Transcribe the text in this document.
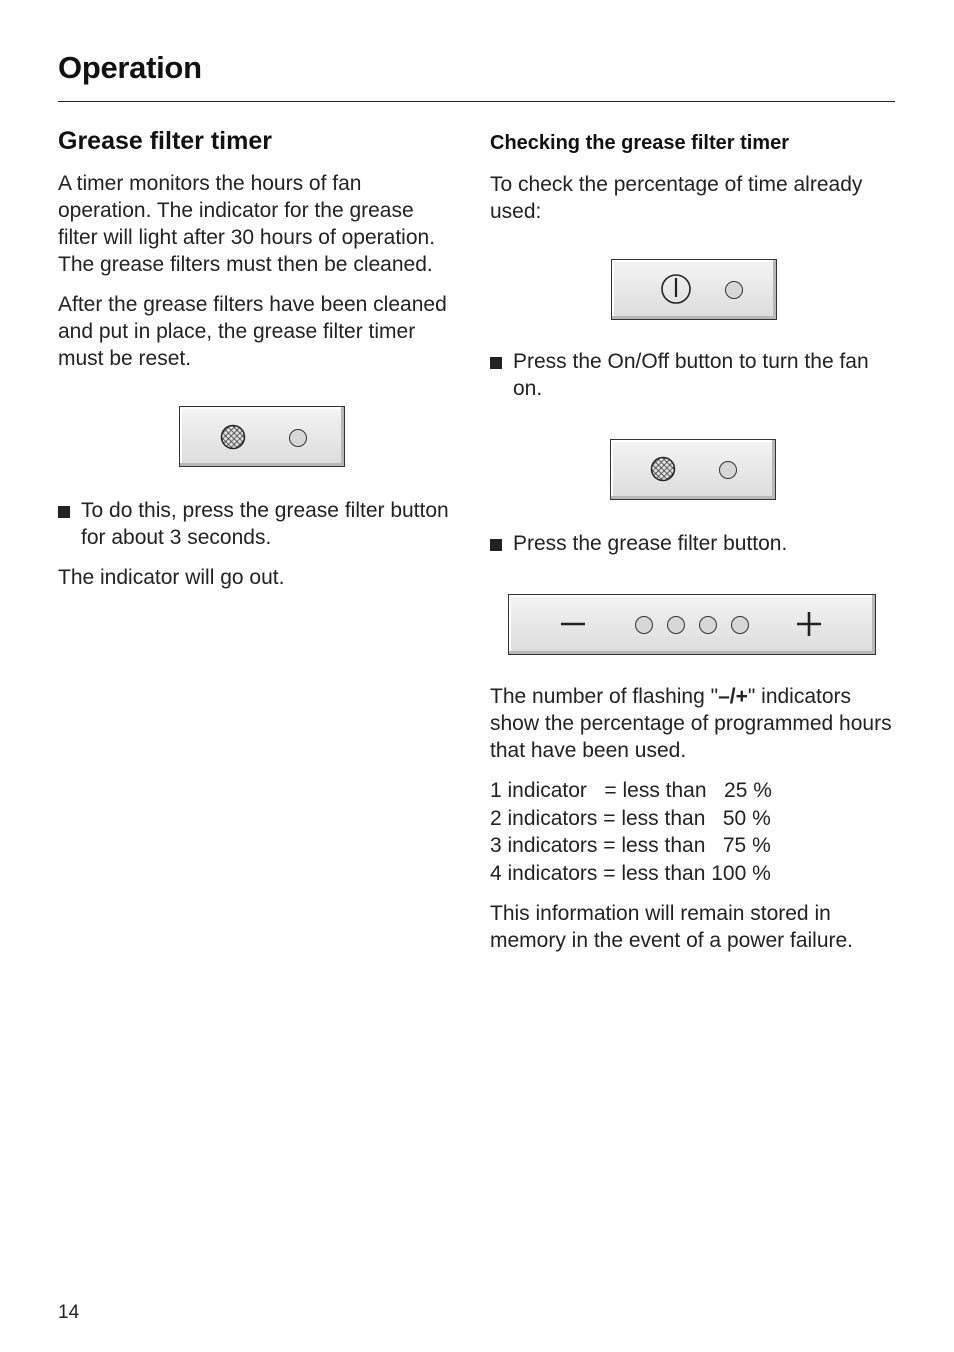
Operation
Grease filter timer

A timer monitors the hours of fan operation. The indicator for the grease filter will light after 30 hours of operation. The grease filters must then be cleaned.

After the grease filters have been cleaned and put in place, the grease filter timer must be reset.

To do this, press the grease filter button for about 3 seconds.

The indicator will go out.

Checking the grease filter timer

To check the percentage of time already used:

Press the On/Off button to turn the fan on.
Press the grease filter button.

The number of flashing "–/+" indicators show the percentage of programmed hours that have been used.

1 indicator   = less than   25 %
2 indicators = less than   50 %
3 indicators = less than   75 %
4 indicators = less than 100 %

This information will remain stored in memory in the event of a power failure.

14
